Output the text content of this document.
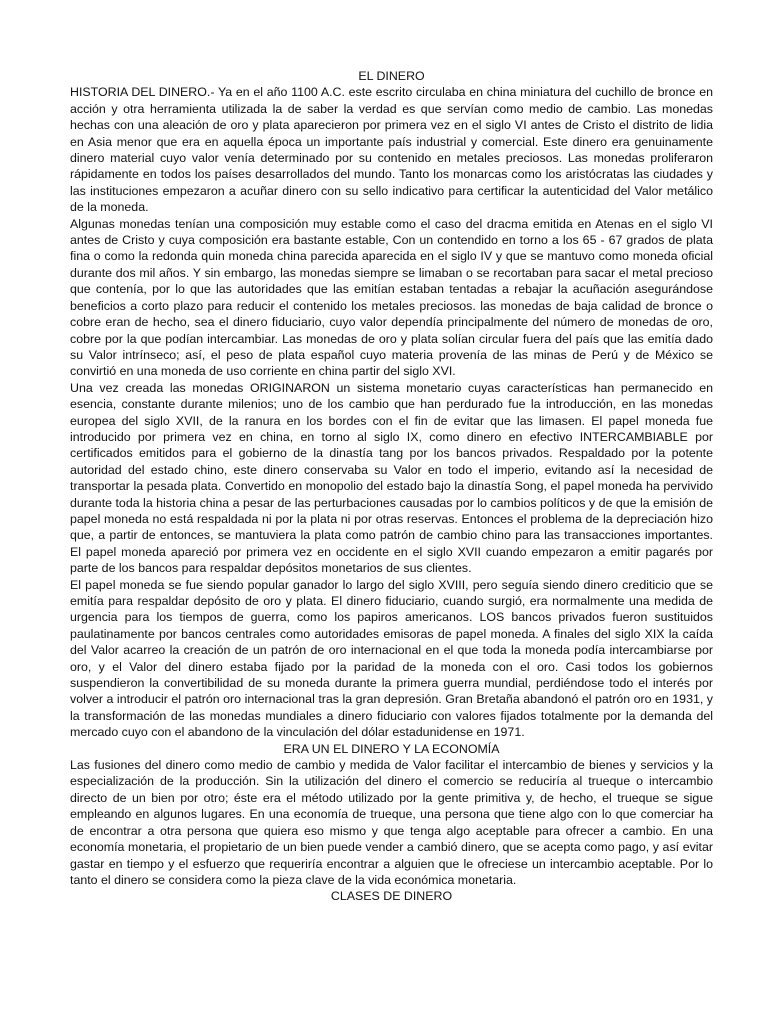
EL DINERO

HISTORIA DEL DINERO.- Ya en el año 1100 A.C. este escrito circulaba en china miniatura del cuchillo de bronce en acción y otra herramienta utilizada la de saber la verdad es que servían como medio de cambio. Las monedas hechas con una aleación de oro y plata aparecieron por primera vez en el siglo VI antes de Cristo el distrito de lidia en Asia menor que era en aquella época un importante país industrial y comercial. Este dinero era genuinamente dinero material cuyo valor venía determinado por su contenido en metales preciosos. Las monedas proliferaron rápidamente en todos los países desarrollados del mundo. Tanto los monarcas como los aristócratas las ciudades y las instituciones empezaron a acuñar dinero con su sello indicativo para certificar la autenticidad del Valor metálico de la moneda.

Algunas monedas tenían una composición muy estable como el caso del dracma emitida en Atenas en el siglo VI antes de Cristo y cuya composición era bastante estable, Con un contendido en torno a los 65 - 67 grados de plata fina o como la redonda quin moneda china parecida aparecida en el siglo IV y que se mantuvo como moneda oficial durante dos mil años. Y sin embargo, las monedas siempre se limaban o se recortaban para sacar el metal precioso que contenía, por lo que las autoridades que las emitían estaban tentadas a rebajar la acuñación asegurándose beneficios a corto plazo para reducir el contenido los metales preciosos. las monedas de baja calidad de bronce o cobre eran de hecho, sea el dinero fiduciario, cuyo valor dependía principalmente del número de monedas de oro, cobre por la que podían intercambiar. Las monedas de oro y plata solían circular fuera del país que las emitía dado su Valor intrínseco; así, el peso de plata español cuyo materia provenía de las minas de Perú y de México se convirtió en una moneda de uso corriente en china partir del siglo XVI.

Una vez creada las monedas ORIGINARON un sistema monetario cuyas características han permanecido en esencia, constante durante milenios; uno de los cambio que han perdurado fue la introducción, en las monedas europea del siglo XVII, de la ranura en los bordes con el fin de evitar que las limasen. El papel moneda fue introducido por primera vez en china, en torno al siglo IX, como dinero en efectivo INTERCAMBIABLE por certificados emitidos para el gobierno de la dinastía tang por los bancos privados. Respaldado por la potente autoridad del estado chino, este dinero conservaba su Valor en todo el imperio, evitando así la necesidad de transportar la pesada plata. Convertido en monopolio del estado bajo la dinastía Song, el papel moneda ha pervivido durante toda la historia china a pesar de las perturbaciones causadas por lo cambios políticos y de que la emisión de papel moneda no está respaldada ni por la plata ni por otras reservas. Entonces el problema de la depreciación hizo que, a partir de entonces, se mantuviera la plata como patrón de cambio chino para las transacciones importantes. El papel moneda apareció por primera vez en occidente en el siglo XVII cuando empezaron a emitir pagarés por parte de los bancos para respaldar depósitos monetarios de sus clientes.

El papel moneda se fue siendo popular ganador lo largo del siglo XVIII, pero seguía siendo dinero crediticio que se emitía para respaldar depósito de oro y plata. El dinero fiduciario, cuando surgió, era normalmente una medida de urgencia para los tiempos de guerra, como los papiros americanos. LOS bancos privados fueron sustituidos paulatinamente por bancos centrales como autoridades emisoras de papel moneda. A finales del siglo XIX la caída del Valor acarreo la creación de un patrón de oro internacional en el que toda la moneda podía intercambiarse por oro, y el Valor del dinero estaba fijado por la paridad de la moneda con el oro. Casi todos los gobiernos suspendieron la convertibilidad de su moneda durante la primera guerra mundial, perdiéndose todo el interés por volver a introducir el patrón oro internacional tras la gran depresión. Gran Bretaña abandonó el patrón oro en 1931, y la transformación de las monedas mundiales a dinero fiduciario con valores fijados totalmente por la demanda del mercado cuyo con el abandono de la vinculación del dólar estadunidense en 1971.

ERA UN EL DINERO Y LA ECONOMÍA

Las fusiones del dinero como medio de cambio y medida de Valor facilitar el intercambio de bienes y servicios y la especialización de la producción. Sin la utilización del dinero el comercio se reduciría al trueque o intercambio directo de un bien por otro; éste era el método utilizado por la gente primitiva y, de hecho, el trueque se sigue empleando en algunos lugares. En una economía de trueque, una persona que tiene algo con lo que comerciar ha de encontrar a otra persona que quiera eso mismo y que tenga algo aceptable para ofrecer a cambio. En una economía monetaria, el propietario de un bien puede vender a cambió dinero, que se acepta como pago, y así evitar gastar en tiempo y el esfuerzo que requeriría encontrar a alguien que le ofreciese un intercambio aceptable. Por lo tanto el dinero se considera como la pieza clave de la vida económica monetaria.

CLASES DE DINERO
